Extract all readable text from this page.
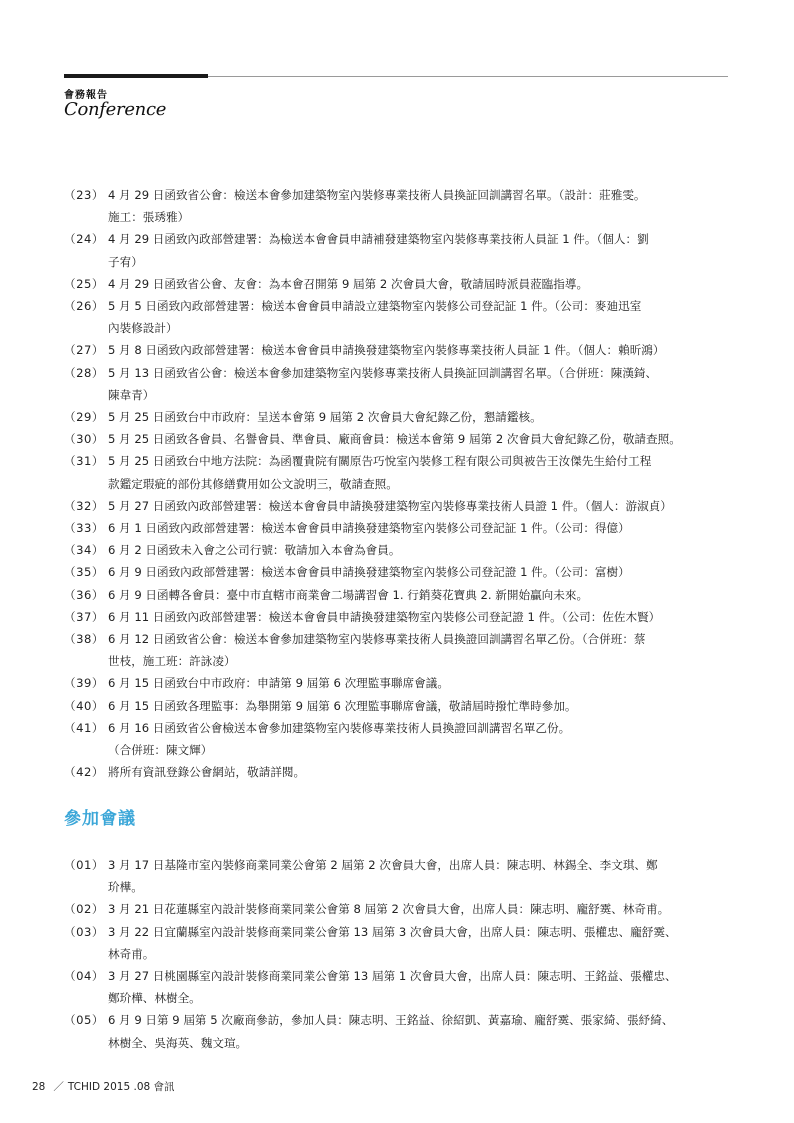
會務報告
Conference
（23） 4 月 29 日函致省公會：檢送本會參加建築物室內裝修專業技術人員換証回訓講習名單。（設計：莊雅雯。
施工：張琇雅）
（24） 4 月 29 日函致內政部營建署：為檢送本會會員申請補發建築物室內裝修專業技術人員証 1 件。（個人：劉
子宥）
（25） 4 月 29 日函致省公會、友會：為本會召開第 9 屆第 2 次會員大會，敬請屆時派員蒞臨指導。
（26） 5 月 5 日函致內政部營建署：檢送本會會員申請設立建築物室內裝修公司登記証 1 件。（公司：麥廸迅室
內裝修設計）
（27） 5 月 8 日函致內政部營建署：檢送本會會員申請換發建築物室內裝修專業技術人員証 1 件。（個人：賴昕鴻）
（28） 5 月 13 日函致省公會：檢送本會參加建築物室內裝修專業技術人員換証回訓講習名單。（合併班：陳漢錡、
陳韋青）
（29） 5 月 25 日函致台中市政府：呈送本會第 9 屆第 2 次會員大會紀錄乙份，懇請鑑核。
（30） 5 月 25 日函致各會員、名譽會員、準會員、廠商會員：檢送本會第 9 屆第 2 次會員大會紀錄乙份，敬請查照。
（31） 5 月 25 日函致台中地方法院：為函覆貴院有關原告巧悅室內裝修工程有限公司與被告王汝傑先生給付工程
款鑑定瑕疵的部份其修繕費用如公文說明三，敬請查照。
（32） 5 月 27 日函致內政部營建署：檢送本會會員申請換發建築物室內裝修專業技術人員證 1 件。（個人：游淑貞）
（33） 6 月 1 日函致內政部營建署：檢送本會會員申請換發建築物室內裝修公司登記証 1 件。（公司：得億）
（34） 6 月 2 日函致未入會之公司行號：敬請加入本會為會員。
（35） 6 月 9 日函致內政部營建署：檢送本會會員申請換發建築物室內裝修公司登記證 1 件。（公司：富樹）
（36） 6 月 9 日函轉各會員：臺中市直轄市商業會二場講習會 1. 行銷葵花寶典 2. 新開始贏向未來。
（37） 6 月 11 日函致內政部營建署：檢送本會會員申請換發建築物室內裝修公司登記證 1 件。（公司：佐佐木賢）
（38） 6 月 12 日函致省公會：檢送本會參加建築物室內裝修專業技術人員換證回訓講習名單乙份。（合併班：蔡
世枝，施工班：許詠凌）
（39） 6 月 15 日函致台中市政府：申請第 9 屆第 6 次理監事聯席會議。
（40） 6 月 15 日函致各理監事：為舉開第 9 屆第 6 次理監事聯席會議，敬請屆時撥忙準時參加。
（41） 6 月 16 日函致省公會檢送本會參加建築物室內裝修專業技術人員換證回訓講習名單乙份。
（合併班：陳文輝）
（42） 將所有資訊登錄公會網站，敬請詳閱。
參加會議
（01） 3 月 17 日基隆市室內裝修商業同業公會第 2 屆第 2 次會員大會，出席人員：陳志明、林錫全、李文琪、鄭
玠樺。
（02） 3 月 21 日花蓮縣室內設計裝修商業同業公會第 8 屆第 2 次會員大會，出席人員：陳志明、龐舒霙、林奇甫。
（03） 3 月 22 日宜蘭縣室內設計裝修商業同業公會第 13 屆第 3 次會員大會，出席人員：陳志明、張權忠、龐舒霙、
林奇甫。
（04） 3 月 27 日桃園縣室內設計裝修商業同業公會第 13 屆第 1 次會員大會，出席人員：陳志明、王銘益、張權忠、
鄭玠樺、林樹全。
（05） 6 月 9 日第 9 屆第 5 次廠商參訪，參加人員：陳志明、王銘益、徐紹凱、黃嘉瑜、龐舒霙、張家綺、張紓綺、
林樹全、吳海英、魏文瑄。
28 ／ TCHID 2015 .08 會訊
